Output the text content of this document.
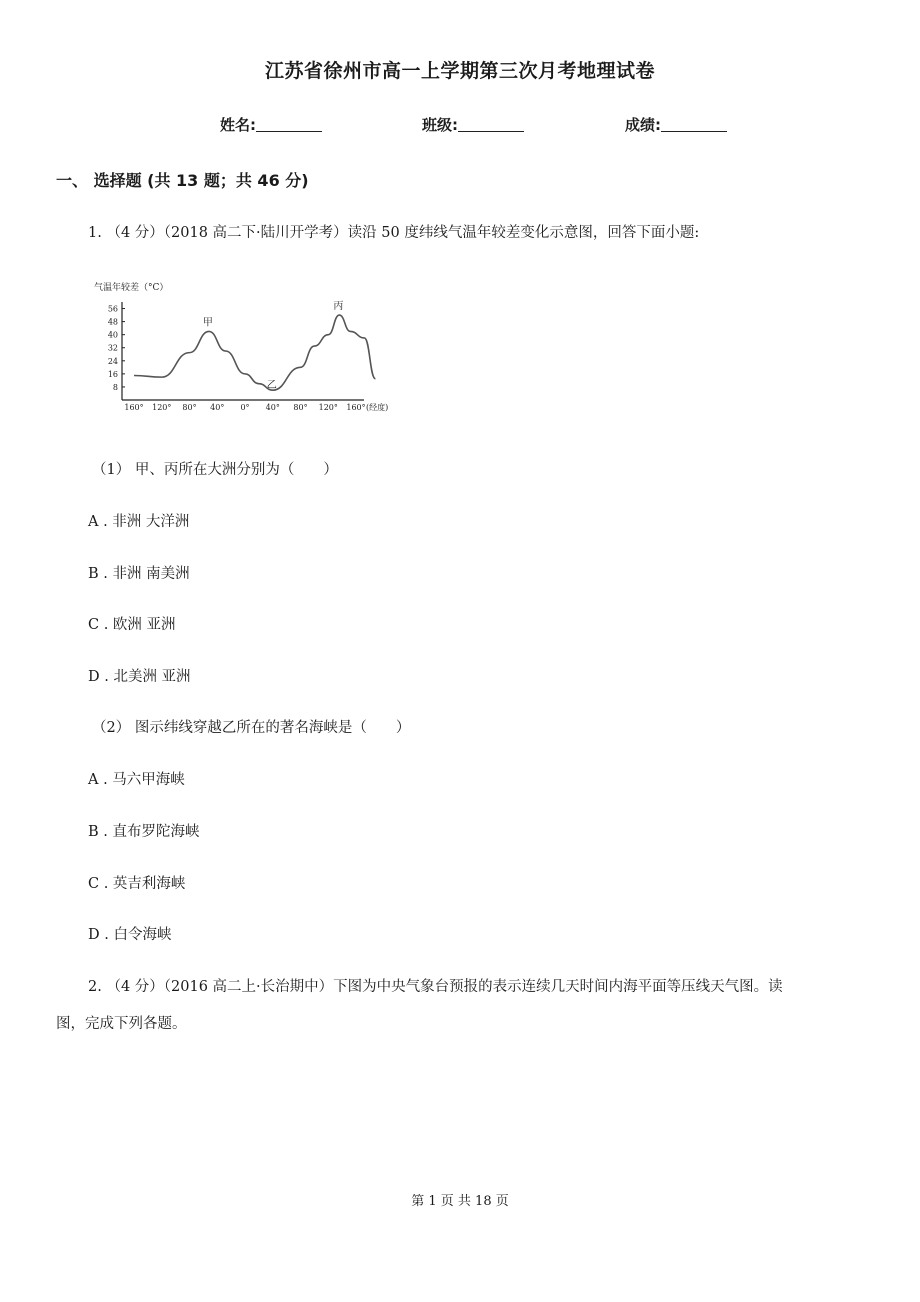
江苏省徐州市高一上学期第三次月考地理试卷
姓名:	班级:	成绩:
一、 选择题 (共 13 题；共 46 分)
1. （4 分）（2018 高二下·陆川开学考）读沿 50 度纬线气温年较差变化示意图，回答下面小题:
气温年较差（°C）
56
48
40
32
24
16
8
160° 120° 80° 40° 0° 40° 80° 120° 160°
甲
乙
丙
(经度)
（1） 甲、丙所在大洲分别为（　　）
A . 非洲 大洋洲
B . 非洲 南美洲
C . 欧洲 亚洲
D . 北美洲 亚洲
（2） 图示纬线穿越乙所在的著名海峡是（　　）
A . 马六甲海峡
B . 直布罗陀海峡
C . 英吉利海峡
D . 白令海峡
2. （4 分）（2016 高二上·长治期中）下图为中央气象台预报的表示连续几天时间内海平面等压线天气图。读
图，完成下列各题。
第 1 页 共 18 页
